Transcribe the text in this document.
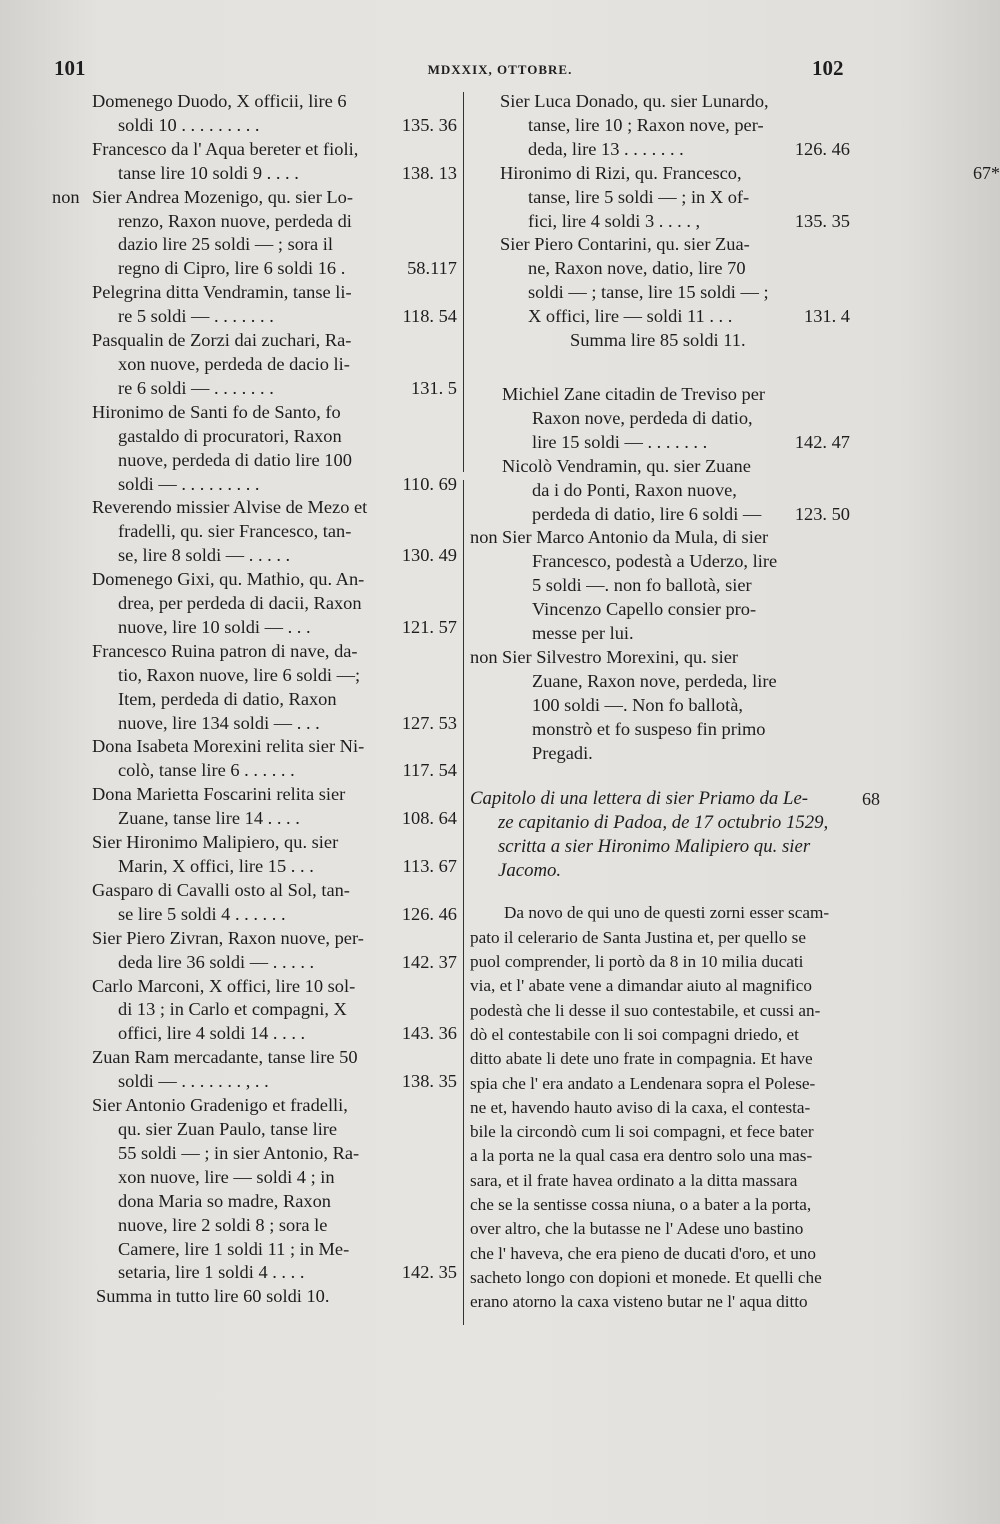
101	MDXXIX, OTTOBRE.	102
Domenego Duodo, X officii, lire 6
soldi 10 . . . . . . . . .	135. 36
Francesco da l' Aqua bereter et fioli,
tanse lire 10 soldi 9 . . . .	138. 13
non Sier Andrea Mozenigo, qu. sier Lo-
renzo, Raxon nuove, perdeda di
dazio lire 25 soldi — ; sora il
regno di Cipro, lire 6 soldi 16 .	58.117
Pelegrina ditta Vendramin, tanse li-
re 5 soldi — . . . . . . .	118. 54
Pasqualin de Zorzi dai zuchari, Ra-
xon nuove, perdeda de dacio li-
re 6 soldi — . . . . . . .	131. 5
Hironimo de Santi fo de Santo, fo
gastaldo di procuratori, Raxon
nuove, perdeda di datio lire 100
soldi — . . . . . . . . .	110. 69
Reverendo missier Alvise de Mezo et
fradelli, qu. sier Francesco, tan-
se, lire 8 soldi — . . . . .	130. 49
Domenego Gixi, qu. Mathio, qu. An-
drea, per perdeda di dacii, Raxon
nuove, lire 10 soldi — . . .	121. 57
Francesco Ruina patron di nave, da-
tio, Raxon nuove, lire 6 soldi —;
Item, perdeda di datio, Raxon
nuove, lire 134 soldi — . . .	127. 53
Dona Isabeta Morexini relita sier Ni-
colò, tanse lire 6 . . . . . .	117. 54
Dona Marietta Foscarini relita sier
Zuane, tanse lire 14 . . . .	108. 64
Sier Hironimo Malipiero, qu. sier
Marin, X offici, lire 15 . . .	113. 67
Gasparo di Cavalli osto al Sol, tan-
se lire 5 soldi 4 . . . . . .	126. 46
Sier Piero Zivran, Raxon nuove, per-
deda lire 36 soldi — . . . . .	142. 37
Carlo Marconi, X offici, lire 10 sol-
di 13 ; in Carlo et compagni, X
offici, lire 4 soldi 14 . . . .	143. 36
Zuan Ram mercadante, tanse lire 50
soldi — . . . . . . . , . .	138. 35
Sier Antonio Gradenigo et fradelli,
qu. sier Zuan Paulo, tanse lire
55 soldi — ; in sier Antonio, Ra-
xon nuove, lire — soldi 4 ; in
dona Maria so madre, Raxon
nuove, lire 2 soldi 8 ; sora le
Camere, lire 1 soldi 11 ; in Me-
setaria, lire 1 soldi 4 . . . .	142. 35
Summa in tutto lire 60 soldi 10.
Sier Luca Donado, qu. sier Lunardo,
tanse, lire 10 ; Raxon nove, per-
deda, lire 13 . . . . . . .	126. 46
Hironimo di Rizi, qu. Francesco,
tanse, lire 5 soldi — ; in X of-
fici, lire 4 soldi 3 . . . . ,	135. 35
67*
Sier Piero Contarini, qu. sier Zua-
ne, Raxon nove, datio, lire 70
soldi — ; tanse, lire 15 soldi — ;
X offici, lire — soldi 11 . . .	131. 4
Summa lire 85 soldi 11.
Michiel Zane citadin de Treviso per
Raxon nove, perdeda di datio,
lire 15 soldi — . . . . . . .	142. 47
Nicolò Vendramin, qu. sier Zuane
da i do Ponti, Raxon nuove,
perdeda di datio, lire 6 soldi — 123. 50
non Sier Marco Antonio da Mula, di sier
Francesco, podestà a Uderzo, lire
5 soldi —. non fo ballotà, sier
Vincenzo Capello consier pro-
messe per lui.
non Sier Silvestro Morexini, qu. sier
Zuane, Raxon nove, perdeda, lire
100 soldi —. Non fo ballotà,
monstrò et fo suspeso fin primo
Pregadi.
Capitolo di una lettera di sier Priamo da Le-
ze capitanio di Padoa, de 17 octubrio 1529,
scritta a sier Hironimo Malipiero qu. sier
Jacomo.
68
Da novo de qui uno de questi zorni esser scam-
pato il celerario de Santa Justina et, per quello se
puol comprender, li portò da 8 in 10 milia ducati
via, et l' abate vene a dimandar aiuto al magnifico
podestà che li desse il suo contestabile, et cussi an-
dò el contestabile con li soi compagni driedo, et
ditto abate li dete uno frate in compagnia. Et have
spia che l' era andato a Lendenara sopra el Polese-
ne et, havendo hauto aviso di la caxa, el contesta-
bile la circondò cum li soi compagni, et fece bater
a la porta ne la qual casa era dentro solo una mas-
sara, et il frate havea ordinato a la ditta massara
che se la sentisse cossa niuna, o a bater a la porta,
over altro, che la butasse ne l' Adese uno bastino
che l' haveva, che era pieno de ducati d'oro, et uno
sacheto longo con dopioni et monede. Et quelli che
erano atorno la caxa visteno butar ne l' aqua ditto
